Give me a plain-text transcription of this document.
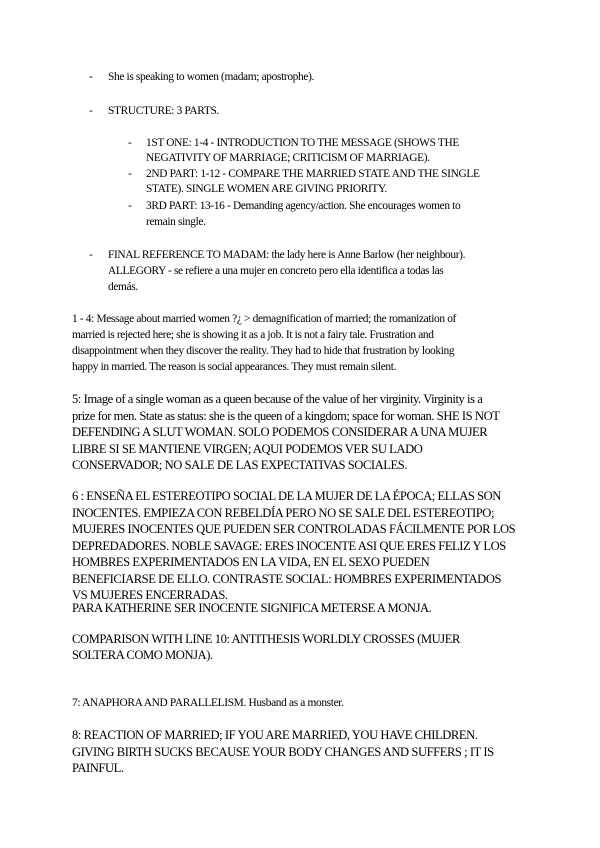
- She is speaking to women (madam; apostrophe).
- STRUCTURE: 3 PARTS.
- 1ST ONE: 1-4 - INTRODUCTION TO THE MESSAGE (SHOWS THE
NEGATIVITY OF MARRIAGE; CRITICISM OF MARRIAGE).
- 2ND PART: 1-12 - COMPARE THE MARRIED STATE AND THE SINGLE
STATE). SINGLE WOMEN ARE GIVING PRIORITY.
- 3RD PART: 13-16 - Demanding agency/action. She encourages women to
remain single.
- FINAL REFERENCE TO MADAM: the lady here is Anne Barlow (her neighbour).
ALLEGORY - se refiere a una mujer en concreto pero ella identifica a todas las
demás.
1 - 4: Message about married women ?¿ > demagnification of married; the romanization of
married is rejected here; she is showing it as a job. It is not a fairy tale. Frustration and
disappointment when they discover the reality. They had to hide that frustration by looking
happy in married. The reason is social appearances. They must remain silent.
5: Image of a single woman as a queen because of the value of her virginity. Virginity is a
prize for men. State as status: she is the queen of a kingdom; space for woman. SHE IS NOT
DEFENDING A SLUT WOMAN. SOLO PODEMOS CONSIDERAR A UNA MUJER
LIBRE SI SE MANTIENE VIRGEN; AQUI PODEMOS VER SU LADO
CONSERVADOR; NO SALE DE LAS EXPECTATIVAS SOCIALES.
6 : ENSEÑA EL ESTEREOTIPO SOCIAL DE LA MUJER DE LA ÉPOCA; ELLAS SON
INOCENTES. EMPIEZA CON REBELDÍA PERO NO SE SALE DEL ESTEREOTIPO;
MUJERES INOCENTES QUE PUEDEN SER CONTROLADAS FÁCILMENTE POR LOS
DEPREDADORES. NOBLE SAVAGE: ERES INOCENTE ASI QUE ERES FELIZ Y LOS
HOMBRES EXPERIMENTADOS EN LA VIDA, EN EL SEXO PUEDEN
BENEFICIARSE DE ELLO. CONTRASTE SOCIAL: HOMBRES EXPERIMENTADOS
VS MUJERES ENCERRADAS.
PARA KATHERINE SER INOCENTE SIGNIFICA METERSE A MONJA.
COMPARISON WITH LINE 10: ANTITHESIS WORLDLY CROSSES (MUJER
SOLTERA COMO MONJA).
7: ANAPHORA AND PARALLELISM. Husband as a monster.
8: REACTION OF MARRIED; IF YOU ARE MARRIED, YOU HAVE CHILDREN.
GIVING BIRTH SUCKS BECAUSE YOUR BODY CHANGES AND SUFFERS ; IT IS
PAINFUL.
